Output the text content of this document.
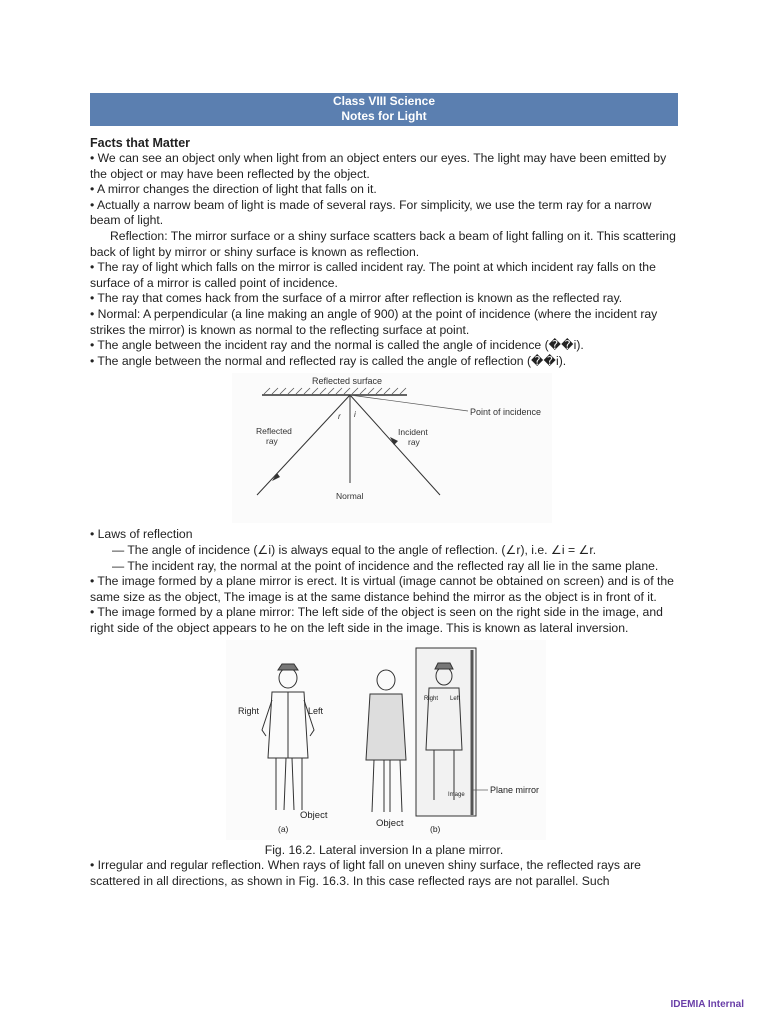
Class VIII Science
Notes for Light
Facts that Matter

• We can see an object only when light from an object enters our eyes. The light may have been emitted by the object or may have been reflected by the object.

• A mirror changes the direction of light that falls on it.

• Actually a narrow beam of light is made of several rays. For simplicity, we use the term ray for a narrow beam of light.

Reflection: The mirror surface or a shiny surface scatters back a beam of light falling on it. This scattering back of light by mirror or shiny surface is known as reflection.

• The ray of light which falls on the mirror is called incident ray. The point at which incident ray falls on the surface of a mirror is called point of incidence.

• The ray that comes hack from the surface of a mirror after reflection is known as the reflected ray.

• Normal: A perpendicular (a line making an angle of 900) at the point of incidence (where the incident ray strikes the mirror) is known as normal to the reflecting surface at point.

• The angle between the incident ray and the normal is called the angle of incidence (��i).

• The angle between the normal and reflected ray is called the angle of reflection (��i).

Reflected surface
Point of incidence
Reflected
ray
Incident
ray
Normal
r i

• Laws of reflection

— The angle of incidence (∠i) is always equal to the angle of reflection. (∠r), i.e. ∠i = ∠r.

— The incident ray, the normal at the point of incidence and the reflected ray all lie in the same plane.

• The image formed by a plane mirror is erect. It is virtual (image cannot be obtained on screen) and is of the same size as the object, The image is at the same distance behind the mirror as the object is in front of it.

• The image formed by a plane mirror: The left side of the object is seen on the right side in the image, and right side of the object appears to he on the left side in the image. This is known as lateral inversion.

Right	Left
Right Left
Image	Plane mirror
Object
(a)	Object	(b)
Fig. 16.2. Lateral inversion In a plane mirror.

• Irregular and regular reflection. When rays of light fall on uneven shiny surface, the reflected rays are scattered in all directions, as shown in Fig. 16.3. In this case reflected rays are not parallel. Such

IDEMIA Internal
